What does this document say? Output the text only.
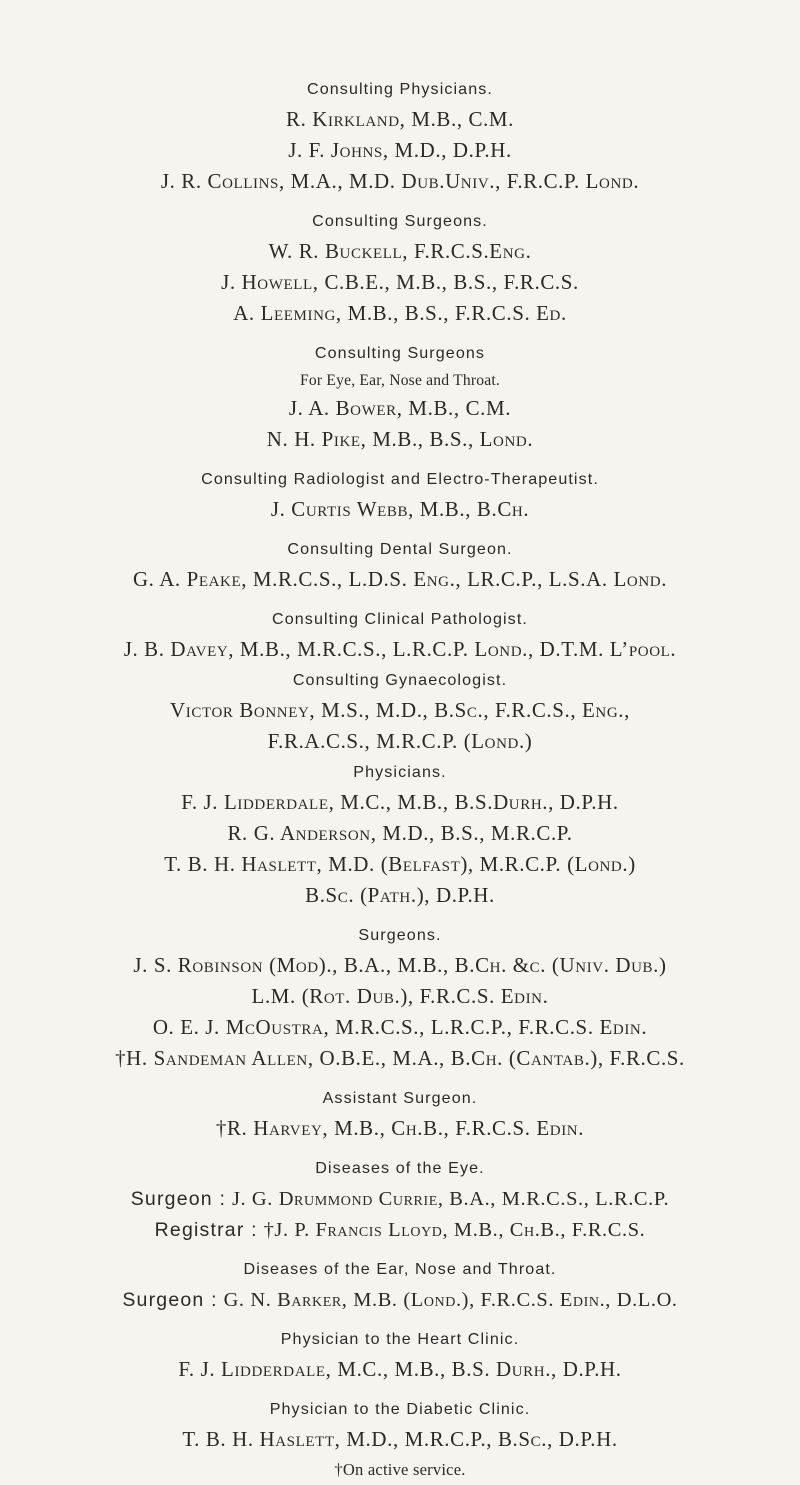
Consulting Physicians.
R. Kirkland, M.B., C.M.
J. F. Johns, M.D., D.P.H.
J. R. Collins, M.A., M.D. Dub.Univ., F.R.C.P. Lond.
Consulting Surgeons.
W. R. Buckell, F.R.C.S.Eng.
J. Howell, C.B.E., M.B., B.S., F.R.C.S.
A. Leeming, M.B., B.S., F.R.C.S. Ed.
Consulting Surgeons
For Eye, Ear, Nose and Throat.
J. A. Bower, M.B., C.M.
N. H. Pike, M.B., B.S., Lond.
Consulting Radiologist and Electro-Therapeutist.
J. Curtis Webb, M.B., B.Ch.
Consulting Dental Surgeon.
G. A. Peake, M.R.C.S., L.D.S. Eng., LR.C.P., L.S.A. Lond.
Consulting Clinical Pathologist.
J. B. Davey, M.B., M.R.C.S., L.R.C.P. Lond., D.T.M. L’pool.
Consulting Gynaecologist.
Victor Bonney, M.S., M.D., B.Sc., F.R.C.S., Eng.,
F.R.A.C.S., M.R.C.P. (Lond.)
Physicians.
F. J. Lidderdale, M.C., M.B., B.S.Durh., D.P.H.
R. G. Anderson, M.D., B.S., M.R.C.P.
T. B. H. Haslett, M.D. (Belfast), M.R.C.P. (Lond.)
B.Sc. (Path.), D.P.H.
Surgeons.
J. S. Robinson (Mod)., B.A., M.B., B.Ch. &c. (Univ. Dub.)
L.M. (Rot. Dub.), F.R.C.S. Edin.
O. E. J. McOustra, M.R.C.S., L.R.C.P., F.R.C.S. Edin.
†H. Sandeman Allen, O.B.E., M.A., B.Ch. (Cantab.), F.R.C.S.
Assistant Surgeon.
†R. Harvey, M.B., Ch.B., F.R.C.S. Edin.
Diseases of the Eye.
Surgeon : J. G. Drummond Currie, B.A., M.R.C.S., L.R.C.P.
Registrar : †J. P. Francis Lloyd, M.B., Ch.B., F.R.C.S.
Diseases of the Ear, Nose and Throat.
Surgeon : G. N. Barker, M.B. (Lond.), F.R.C.S. Edin., D.L.O.
Physician to the Heart Clinic.
F. J. Lidderdale, M.C., M.B., B.S. Durh., D.P.H.
Physician to the Diabetic Clinic.
T. B. H. Haslett, M.D., M.R.C.P., B.Sc., D.P.H.
†On active service.
